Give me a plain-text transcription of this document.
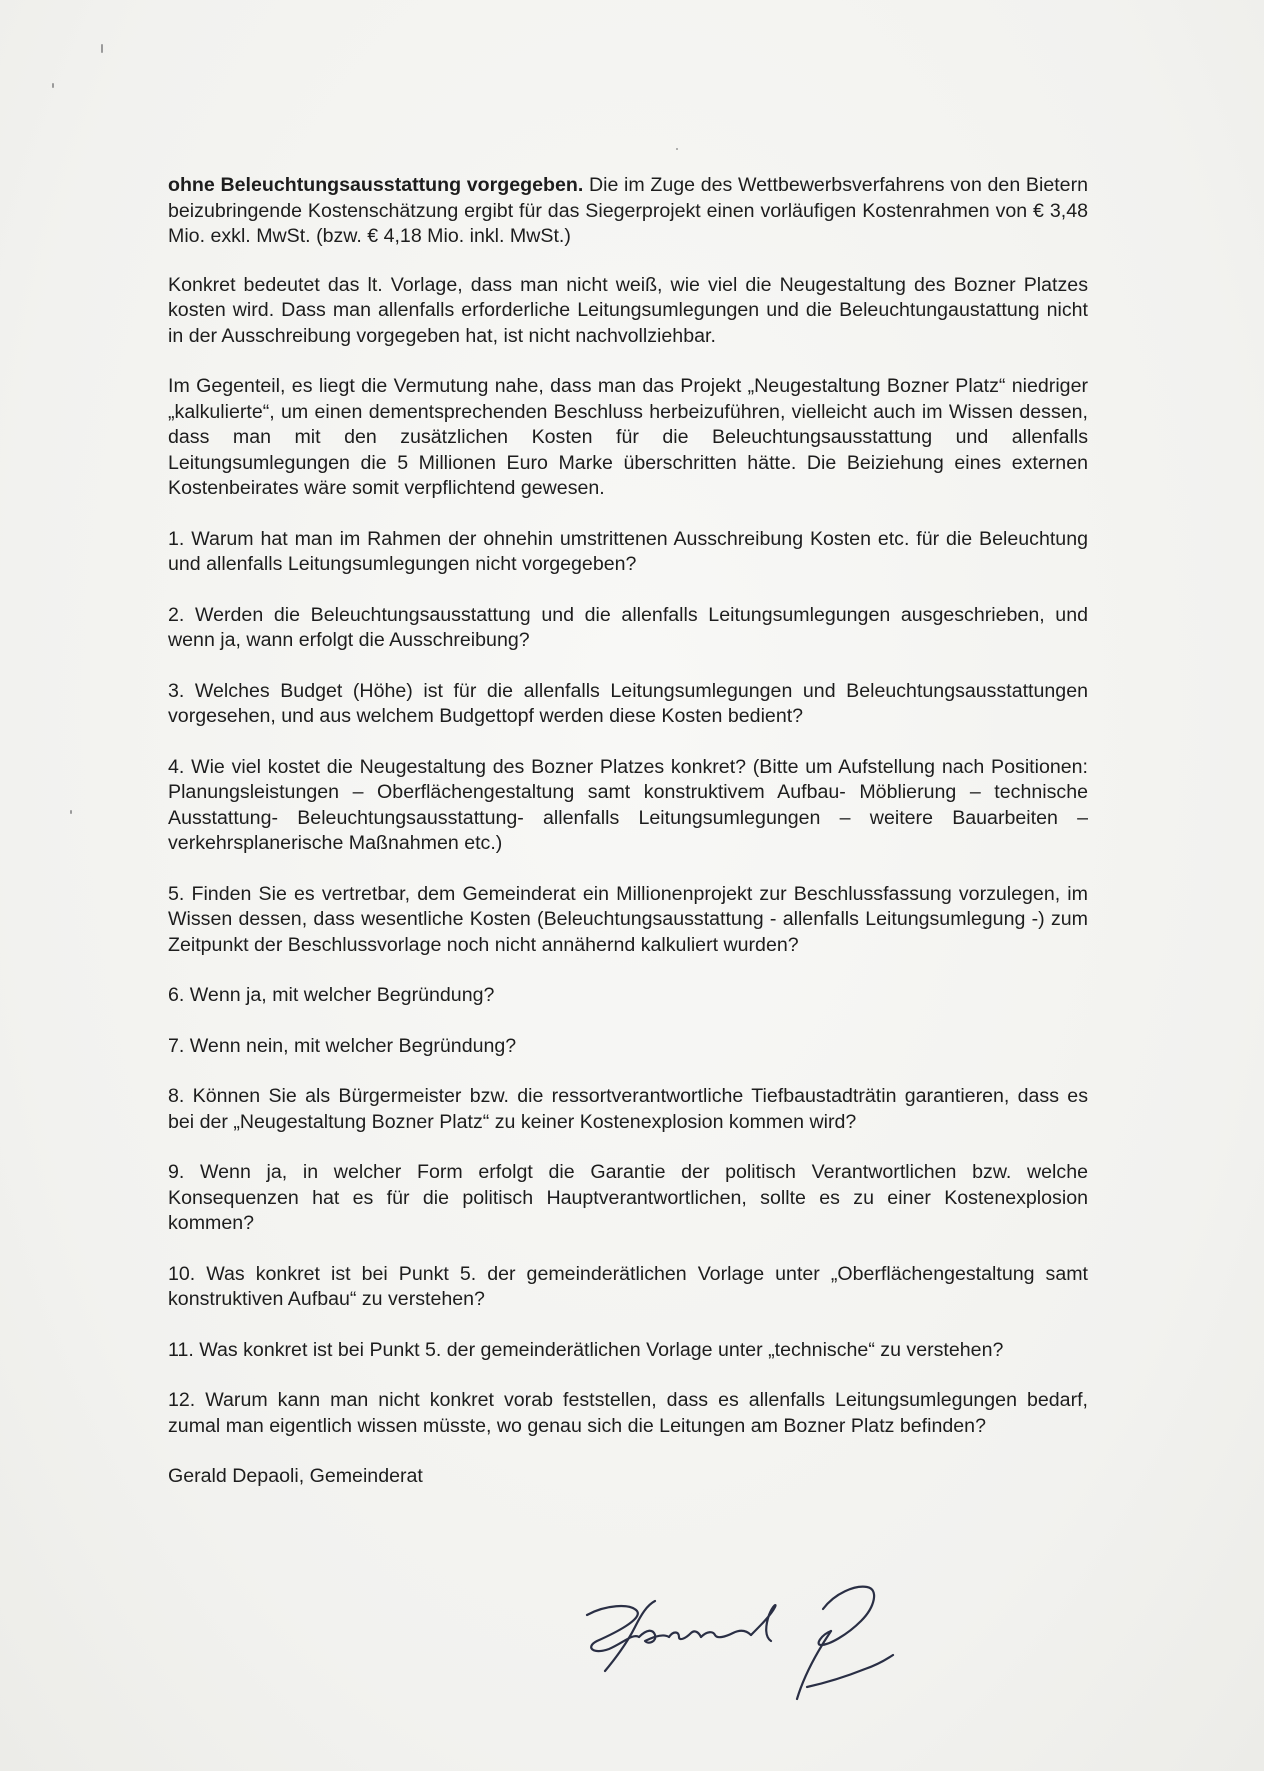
ohne Beleuchtungsausstattung vorgegeben. Die im Zuge des Wettbewerbsverfahrens von den Bietern beizubringende Kostenschätzung ergibt für das Siegerprojekt einen vorläufigen Kostenrahmen von € 3,48 Mio. exkl. MwSt. (bzw. € 4,18 Mio. inkl. MwSt.)

Konkret bedeutet das lt. Vorlage, dass man nicht weiß, wie viel die Neugestaltung des Bozner Platzes kosten wird. Dass man allenfalls erforderliche Leitungsumlegungen und die Beleuchtungaustattung nicht in der Ausschreibung vorgegeben hat, ist nicht nachvollziehbar.

Im Gegenteil, es liegt die Vermutung nahe, dass man das Projekt „Neugestaltung Bozner Platz“ niedriger „kalkulierte“, um einen dementsprechenden Beschluss herbeizuführen, vielleicht auch im Wissen dessen, dass man mit den zusätzlichen Kosten für die Beleuchtungsausstattung und allenfalls Leitungsumlegungen die 5 Millionen Euro Marke überschritten hätte. Die Beiziehung eines externen Kostenbeirates wäre somit verpflichtend gewesen.

1. Warum hat man im Rahmen der ohnehin umstrittenen Ausschreibung Kosten etc. für die Beleuchtung und allenfalls Leitungsumlegungen nicht vorgegeben?

2. Werden die Beleuchtungsausstattung und die allenfalls Leitungsumlegungen ausgeschrieben, und wenn ja, wann erfolgt die Ausschreibung?

3. Welches Budget (Höhe) ist für die allenfalls Leitungsumlegungen und Beleuchtungsausstattungen vorgesehen, und aus welchem Budgettopf werden diese Kosten bedient?

4. Wie viel kostet die Neugestaltung des Bozner Platzes konkret? (Bitte um Aufstellung nach Positionen: Planungsleistungen – Oberflächengestaltung samt konstruktivem Aufbau- Möblierung – technische Ausstattung- Beleuchtungsausstattung- allenfalls Leitungsumlegungen – weitere Bauarbeiten – verkehrsplanerische Maßnahmen etc.)

5. Finden Sie es vertretbar, dem Gemeinderat ein Millionenprojekt zur Beschlussfassung vorzulegen, im Wissen dessen, dass wesentliche Kosten (Beleuchtungsausstattung - allenfalls Leitungsumlegung -) zum Zeitpunkt der Beschlussvorlage noch nicht annähernd kalkuliert wurden?

6. Wenn ja, mit welcher Begründung?

7. Wenn nein, mit welcher Begründung?

8. Können Sie als Bürgermeister bzw. die ressortverantwortliche Tiefbaustadträtin garantieren, dass es bei der „Neugestaltung Bozner Platz“ zu keiner Kostenexplosion kommen wird?

9. Wenn ja, in welcher Form erfolgt die Garantie der politisch Verantwortlichen bzw. welche Konsequenzen hat es für die politisch Hauptverantwortlichen, sollte es zu einer Kostenexplosion kommen?

10. Was konkret ist bei Punkt 5. der gemeinderätlichen Vorlage unter „Oberflächengestaltung samt konstruktiven Aufbau“ zu verstehen?

11. Was konkret ist bei Punkt 5. der gemeinderätlichen Vorlage unter „technische“ zu verstehen?

12. Warum kann man nicht konkret vorab feststellen, dass es allenfalls Leitungsumlegungen bedarf, zumal man eigentlich wissen müsste, wo genau sich die Leitungen am Bozner Platz befinden?

Gerald Depaoli, Gemeinderat
